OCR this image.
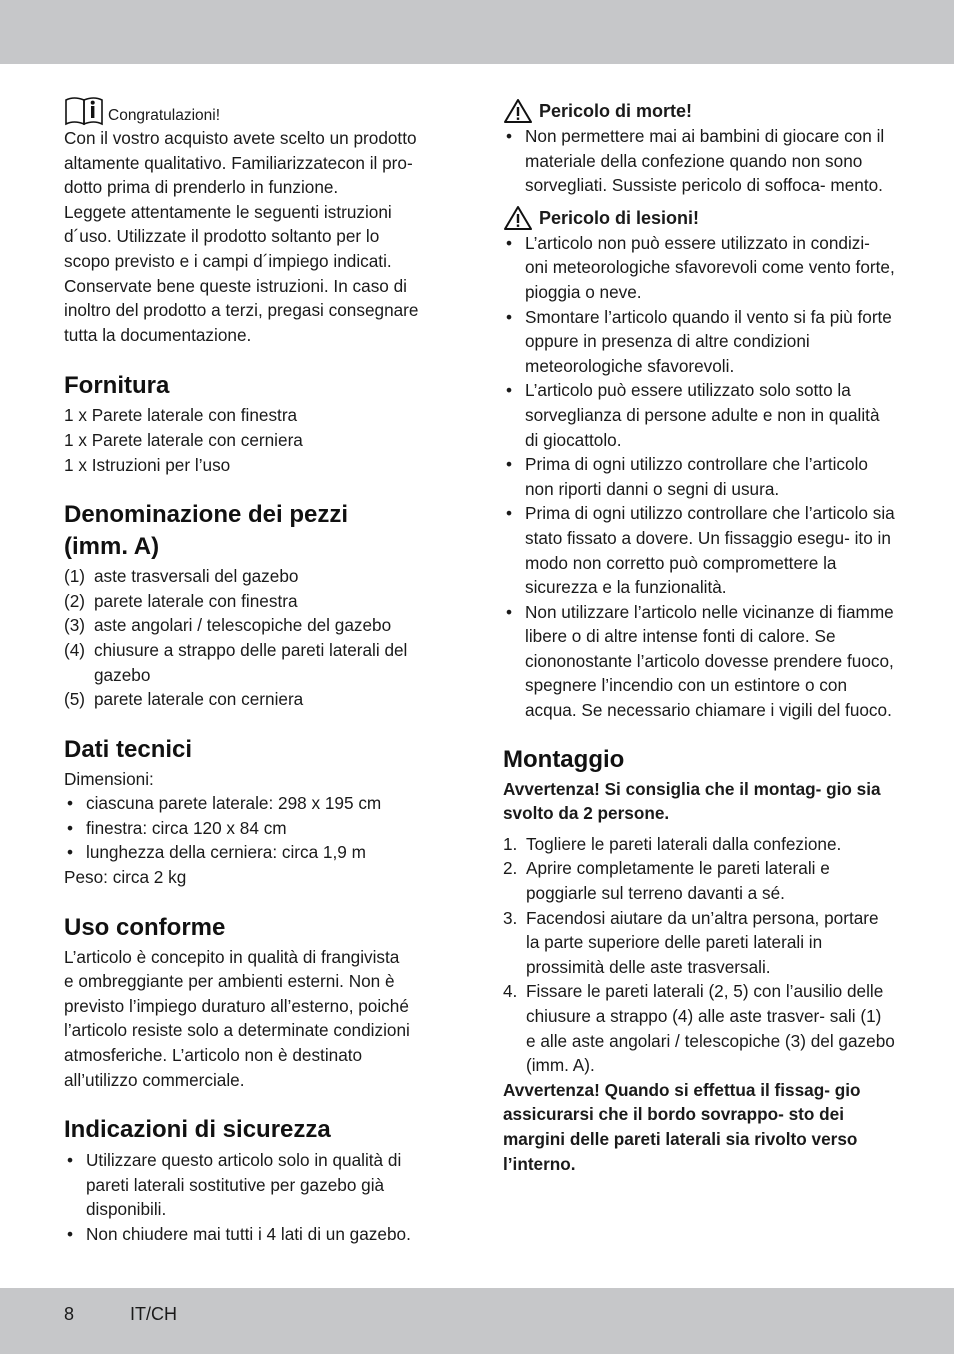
Congratulazioni!

Con il vostro acquisto avete scelto un prodotto
altamente qualitativo. Familiarizzatecon il pro-
dotto prima di prenderlo in funzione.
Leggete attentamente le seguenti istruzioni
d´uso. Utilizzate il prodotto soltanto per lo
scopo previsto e i campi d´impiego indicati.
Conservate bene queste istruzioni. In caso di
inoltro del prodotto a terzi, pregasi consegnare
tutta la documentazione.

Fornitura

1 x Parete laterale con finestra
1 x Parete laterale con cerniera
1 x Istruzioni per l’uso

Denominazione dei pezzi
(imm. A)
(1) aste trasversali del gazebo
(2) parete laterale con finestra
(3) aste angolari / telescopiche del gazebo
(4) chiusure a strappo delle pareti laterali del gazebo
(5) parete laterale con cerniera
Dati tecnici

Dimensioni:

• ciascuna parete laterale: 298 x 195 cm
• finestra: circa 120 x 84 cm
• lunghezza della cerniera: circa 1,9 m

Peso: circa 2 kg

Uso conforme

L’articolo è concepito in qualità di frangivista
e ombreggiante per ambienti esterni. Non è
previsto l’impiego duraturo all’esterno, poiché
l’articolo resiste solo a determinate condizioni
atmosferiche. L’articolo non è destinato
all’utilizzo commerciale.

Indicazioni di sicurezza
• Utilizzare questo articolo solo in qualità di pareti laterali sostitutive per gazebo già disponibili.
• Non chiudere mai tutti i 4 lati di un gazebo.
Pericolo di morte!
• Non permettere mai ai bambini di giocare con il materiale della confezione quando non sono sorvegliati. Sussiste pericolo di soffoca- mento.
Pericolo di lesioni!
• L’articolo non può essere utilizzato in condizi- oni meteorologiche sfavorevoli come vento forte, pioggia o neve.
• Smontare l’articolo quando il vento si fa più forte oppure in presenza di altre condizioni meteorologiche sfavorevoli.
• L’articolo può essere utilizzato solo sotto la sorveglianza di persone adulte e non in qualità di giocattolo.
• Prima di ogni utilizzo controllare che l’articolo non riporti danni o segni di usura.
• Prima di ogni utilizzo controllare che l’articolo sia stato fissato a dovere. Un fissaggio esegu- ito in modo non corretto può compromettere la sicurezza e la funzionalità.
• Non utilizzare l’articolo nelle vicinanze di fiamme libere o di altre intense fonti di calore. Se ciononostante l’articolo dovesse prendere fuoco, spegnere l’incendio con un estintore o con acqua. Se necessario chiamare i vigili del fuoco.
Montaggio

Avvertenza! Si consiglia che il montag- gio sia svolto da 2 persone.

1. Togliere le pareti laterali dalla confezione.
2. Aprire completamente le pareti laterali e poggiarle sul terreno davanti a sé.
3. Facendosi aiutare da un’altra persona, portare la parte superiore delle pareti laterali in prossimità delle aste trasversali.
4. Fissare le pareti laterali (2, 5) con l’ausilio delle chiusure a strappo (4) alle aste trasver- sali (1) e alle aste angolari / telescopiche (3) del gazebo (imm. A).

Avvertenza! Quando si effettua il fissag- gio assicurarsi che il bordo sovrappo- sto dei margini delle pareti laterali sia rivolto verso l’interno.

8	IT/CH
